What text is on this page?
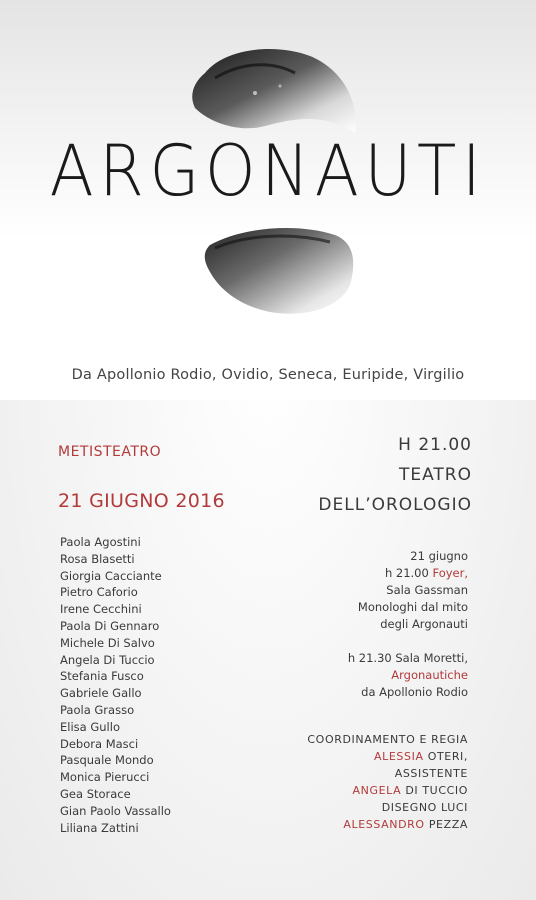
ARGONAUTI
Da Apollonio Rodio, Ovidio, Seneca, Euripide, Virgilio
METISTEATRO
21 GIUGNO 2016
H 21.00
TEATRO
DELL’OROLOGIO
Paola Agostini
Rosa Blasetti
Giorgia Cacciante
Pietro Caforio
Irene Cecchini
Paola Di Gennaro
Michele Di Salvo
Angela Di Tuccio
Stefania Fusco
Gabriele Gallo
Paola Grasso
Elisa Gullo
Debora Masci
Pasquale Mondo
Monica Pierucci
Gea Storace
Gian Paolo Vassallo
Liliana Zattini
21 giugno
h 21.00 Foyer,
Sala Gassman
Monologhi dal mito
degli Argonauti
h 21.30 Sala Moretti,
Argonautiche
da Apollonio Rodio
COORDINAMENTO E REGIA
ALESSIA OTERI,
ASSISTENTE
ANGELA DI TUCCIO
DISEGNO LUCI
ALESSANDRO PEZZA
